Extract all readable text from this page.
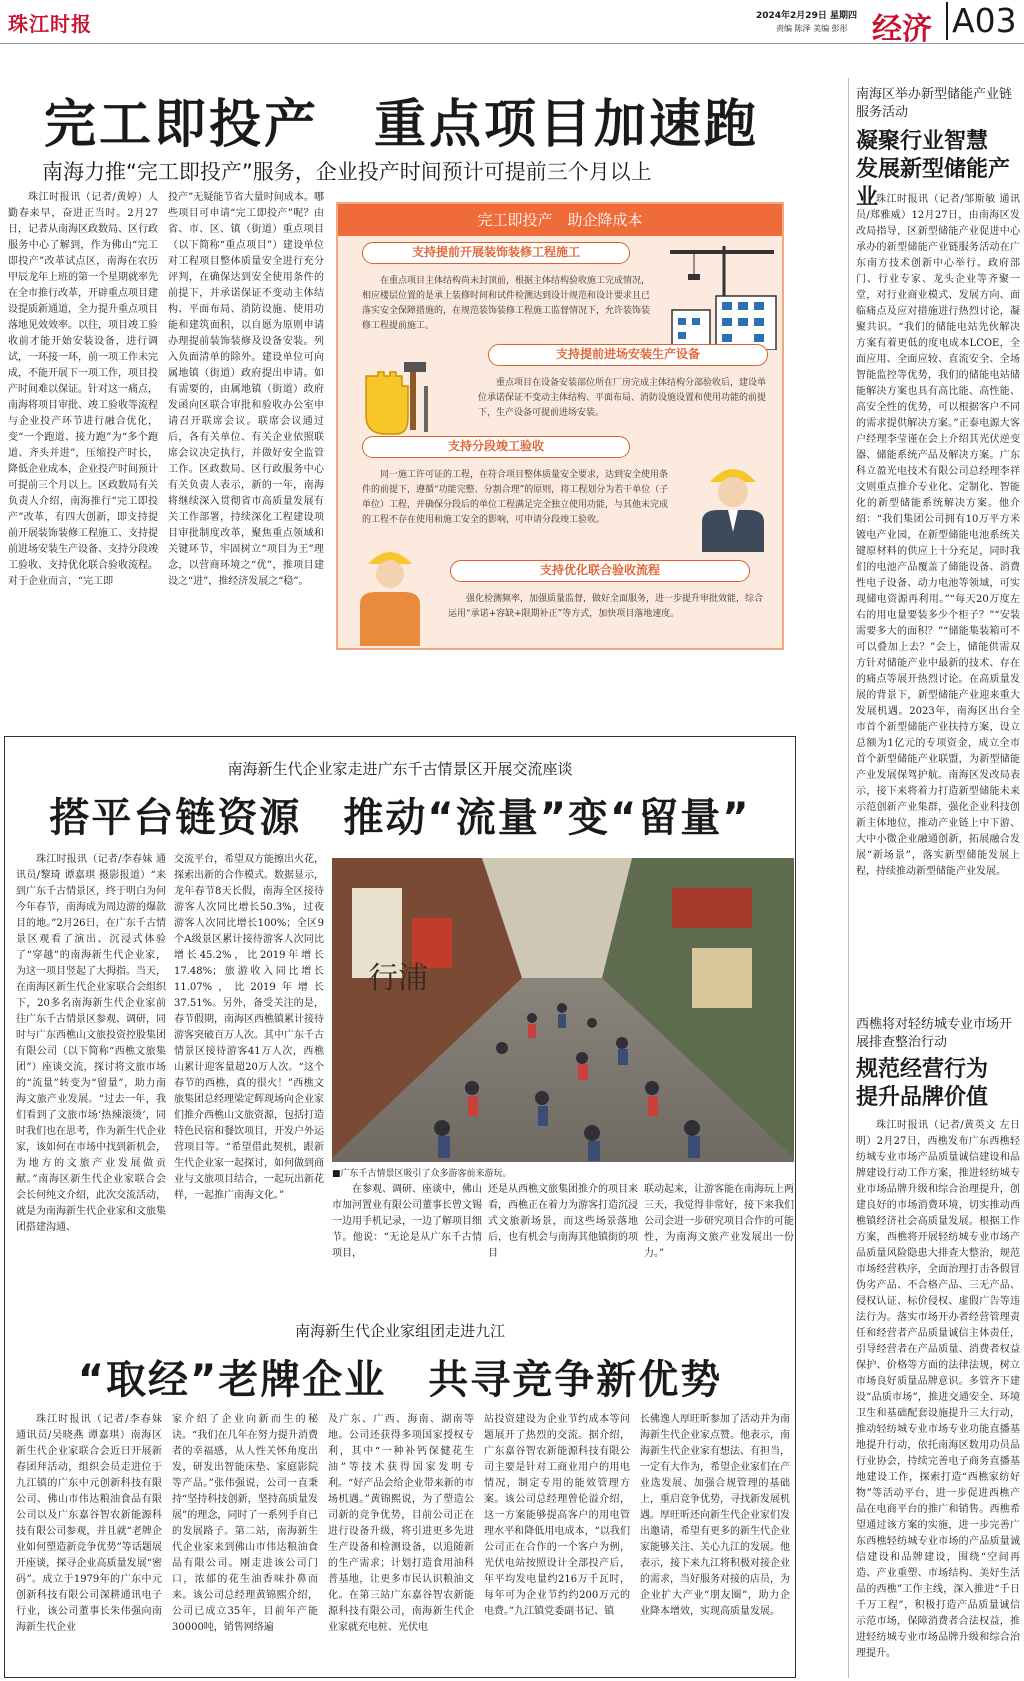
珠江时报	2024年2月29日 星期四
责编 陈泽 美编 彭彤 经济 A03
完工即投产　重点项目加速跑
南海力推“完工即投产”服务，企业投产时间预计可提前三个月以上

珠江时报讯（记者/黄婷）人勤春来早，奋进正当时。2月27日，记者从南海区政数局、区行政服务中心了解到，作为佛山“完工即投产”改革试点区，南海在农历甲辰龙年上班的第一个星期就率先在全市推行改革，开辟重点项目建设提质新通道，全力提升重点项目落地见效效率。以往，项目竣工验收前才能开始安装设备，进行调试，一环接一环，前一项工作未完成，不能开展下一项工作，项目投产时间难以保证。针对这一痛点，南海将项目审批、竣工验收等流程与企业投产环节进行融合优化，变“一个跑道、接力跑”为“多个跑道、齐头并进”，压缩投产时长，降低企业成本，企业投产时间预计可提前三个月以上。区政数局有关负责人介绍，南海推行“完工即投产”改革，有四大创新，即支持提前开展装饰装修工程施工、支持提前进场安装生产设备、支持分段竣工验收、支持优化联合验收流程。对于企业而言，“完工即

投产”无疑能节省大量时间成本。哪些项目可申请“完工即投产”呢？由省、市、区、镇（街道）重点项目（以下简称“重点项目”）建设单位对工程项目整体质量安全进行充分评判，在确保达到安全使用条件的前提下，并承诺保证不变动主体结构、平面布局、消防设施、使用功能和建筑面积，以自愿为原则申请办理提前装饰装修及设备安装。列入负面清单的除外。建设单位可向属地镇（街道）政府提出申请。如有需要的，由属地镇（街道）政府发函向区联合审批和验收办公室申请召开联席会议。联席会议通过后，各有关单位、有关企业依照联席会议决定执行，并做好安全监管工作。区政数局、区行政服务中心有关负责人表示，新的一年，南海将继续深入贯彻省市高质量发展有关工作部署，持续深化工程建设项目审批制度改革，聚焦重点领域和关键环节，牢固树立“项目为王”理念，以营商环境之“优”，推项目建设之“进”，推经济发展之“稳”。

完工即投产　助企降成本
支持提前开展装饰装修工程施工
在重点项目主体结构尚未封顶前，根据主体结构验收施工完成情况，相应楼层位置的是承上装修时间和试件检测达到设计规范和设计要求且已落实安全保障措施的，在规范装饰装修工程施工监督情况下，允许装饰装修工程提前施工。
支持提前进场安装生产设备
重点项目在设备安装部位所在厂房完成主体结构分部验收后，建设单位承诺保证不变动主体结构、平面布局、消防设施设置和使用功能的前提下，生产设备可提前进场安装。
支持分段竣工验收
同一施工许可证的工程，在符合项目整体质量安全要求，达到安全使用条件的前提下，遵循“功能完整、分割合理”的原则，将工程划分为若干单位（子单位）工程，并确保分段后的单位工程满足完全独立使用功能，与其他未完成的工程不存在使用和施工安全的影响，可申请分段竣工验收。
支持优化联合验收流程
强化检测频率，加强质量监督，做好全面服务，进一步提升审批效能，综合运用“承诺+容缺+限期补正”等方式，加快项目落地速度。
南海新生代企业家走进广东千古情景区开展交流座谈
搭平台链资源　推动“流量”变“留量”

珠江时报讯（记者/李春妹 通讯员/黎琦 谭嘉琪 摄影报道）“来到广东千古情景区，终于明白为何今年春节，南海成为周边游的爆款目的地。”2月26日，在广东千古情景区观看了演出、沉浸式体验了“穿越”的南海新生代企业家，为这一项目竖起了大拇指。当天，在南海区新生代企业家联合会组织下，20多名南海新生代企业家前往广东千古情景区参观、调研，同时与广东西樵山文旅投资控股集团有限公司（以下简称“西樵文旅集团”）座谈交流，探讨将文旅市场的“流量”转变为“留量”，助力南海文旅产业发展。“过去一年，我们看到了文旅市场‘热辣滚烫’，同时我们也在思考，作为新生代企业家，该如何在市场中找到新机会，为地方的文旅产业发展做贡献。”南海区新生代企业家联合会会长何纯文介绍，此次交流活动，就是为南海新生代企业家和文旅集团搭建沟通、

交流平台，希望双方能擦出火花，探索出新的合作模式。数据显示，龙年春节8天长假，南海全区接待游客人次同比增长50.3%，过夜游客人次同比增长100%；全区9个A级景区累计接待游客人次同比增长45.2%，比2019年增长17.48%；旅游收入同比增长11.07%，比2019年增长37.51%。另外，备受关注的是，春节假期，南海区西樵镇累计接待游客突破百万人次。其中广东千古情景区接待游客41万人次，西樵山累计迎客量超20万人次。“这个春节的西樵，真的很火！”西樵文旅集团总经理梁定辉现场向企业家们推介西樵山文旅资源，包括打造特色民宿和餐饮项目，开发户外运营项目等。“希望借此契机，跟新生代企业家一起探讨，如何做到商业与文旅项目结合，一起玩出新花样，一起推广南海文化。”

行浦
■广东千古情景区吸引了众多游客前来游玩。

在参观、调研、座谈中，佛山市加河置业有限公司董事长曾文锡一边用手机记录，一边了解项目细节。他说：“无论是从广东千古情项目，

还是从西樵文旅集团推介的项目来看，西樵正在着力为游客打造沉浸式文旅新场景，而这些场景落地后，也有机会与南海其他镇街的项目

联动起来，让游客能在南海玩上两三天，我觉得非常好，接下来我们公司会进一步研究项目合作的可能性，为南海文旅产业发展出一份力。”

南海新生代企业家组团走进九江
“取经”老牌企业　共寻竞争新优势

珠江时报讯（记者/李春妹 通讯员/吴晓燕 谭嘉琪）南海区新生代企业家联合会近日开展新春团拜活动，组织会员走进位于九江镇的广东中元创新科技有限公司、佛山市伟达粮油食品有限公司以及广东嘉谷智农新能源科技有限公司参观，并且就“老牌企业如何塑造新竞争优势”等话题展开座谈，探寻企业高质量发展“密码”。成立于1979年的广东中元创新科技有限公司深耕通讯电子行业，该公司董事长朱伟强向南海新生代企业

家介绍了企业向新而生的秘诀。“我们在几年在努力提升消费者的幸福感，从人性关怀角度出发，研发出智能床垫、家庭影院等产品。”张伟强说，公司一直秉持“坚持科技创新，坚持高质量发展”的理念，同时了一系列手自已的发展路子。第二站，南海新生代企业家来到佛山市伟达粮油食品有限公司。刚走进该公司门口，浓郁的花生油香味扑鼻而来。该公司总经理黄锦熙介绍，公司已成立35年，目前年产能30000吨，销售网络遍

及广东、广西、海南、湖南等地。公司还获得多项国家授权专利，其中“一种补钙保健花生油”等技术获得国家发明专利。“好产品会给企业带来新的市场机遇。”黄锦熙说，为了塑造公司新的竞争优势，目前公司正在进行设备升级，将引进更多先进生产设备和检测设备，以追随新的生产需求；计划打造食用油科普基地，让更多市民认识粮油文化。在第三站广东嘉谷智农新能源科技有限公司，南海新生代企业家就充电桩、光伏电

站投资建设为企业节约成本等问题展开了热烈的交流。据介绍，广东嘉谷智农新能源科技有限公司主要是针对工商业用户的用电情况，制定专用的能效管理方案。该公司总经理曾伦溢介绍，这一方案能够提高客户的用电管理水平和降低用电成本，“以我们公司正在合作的一个客户为例，光伏电站按照设计全部投产后，年平均发电量约216万千瓦时，每年可为企业节约约200万元的电费。”九江镇党委副书记、镇

长佛逸人厚旺昕参加了活动并为南海新生代企业家点赞。他表示，南海新生代企业家有想法、有担当，一定有大作为，希望企业家们在产业选发展、加强合规管理的基础上，重启竞争优势，寻找新发展机遇。厚旺昕还向新生代企业家们发出邀请，希望有更多的新生代企业家能够关注、关心九江的发展。他表示，接下来九江将积极对接企业的需求，当好服务对接的店员，为企业扩大产业“朋友圈”，助力企业降本增效，实现高质量发展。

南海区举办新型储能产业链服务活动
凝聚行业智慧
发展新型储能产业

珠江时报讯（记者/邹斯敏 通讯员/郑雅威）12月27日，由南海区发改局指导，区新型储能产业促进中心承办的新型储能产业链服务活动在广东南方技术创新中心举行。政府部门、行业专家、龙头企业等齐聚一堂，对行业商业模式、发展方向、面临痛点及应对措施进行热烈讨论，凝聚共识。“我们的储能电站先伙解决方案有着更低的度电成本LCOE，全面应用、全面应较、直流安全、全场智能监控等优势，我们的储能电站储能解决方案也具有高比能、高性能、高安全性的优势，可以根据客户不同的需求提供解决方案。”正泰电源大客户经理李莹谨在会上介绍其光伏逆变器、储能系统产品及解决方案。广东科立盈光电技术有限公司总经理李祥文则重点推介专业化、定制化、智能化的新型储能系统解决方案。他介绍：“我们集团公司拥有10万平方米镀电产业园，在新型储能电池系统关键原材料的供应上十分充足，同时我们的电池产品覆盖了储能设备、消费性电子设备、动力电池等领域，可实现储电资源再利用。”“每天20万度左右的用电量要装多少个柜子？”“安装需要多大的面积？”“储能集装箱可不可以叠加上去？”会上，储能供需双方针对储能产业中最新的技术、存在的痛点等展开热烈讨论。在高质量发展的背景下，新型储能产业迎来重大发展机遇。2023年，南海区出台全市首个新型储能产业扶持方案，设立总额为1亿元的专项资金，成立全市首个新型储能产业联盟，为新型储能产业发展保驾护航。南海区发改局表示，接下来将着力打造新型储能未来示范创新产业集群，强化企业科技创新主体地位，推动产业链上中下游、大中小微企业融通创新，拓展融合发展“新场景”，落实新型储能发展上程，持续推动新型储能产业发展。

西樵将对轻纺城专业市场开展排查整治行动
规范经营行为
提升品牌价值

珠江时报讯（记者/黄英文 左日明）2月27日，西樵发布广东西樵轻纺城专业市场产品质量诚信建设和品牌建设行动工作方案，推进轻纺城专业市场品牌升级和综合治理提升，创建良好的市场消费环境，切实推动西樵镇经济社会高质量发展。根据工作方案，西樵将开展轻纺城专业市场产品质量风险隐患大排查大整治，规范市场经营秩序，全面治理打击各假冒伪劣产品、不合格产品、三无产品、侵权认证、标价侵权、虚假广告等违法行为。落实市场开办者经营管理责任和经营者产品质量诚信主体责任，引导经营者在产品质量、消费者权益保护、价格等方面的法律法规，树立市场良好质量品牌意识。多管齐下建设“品质市场”，推进交通安全、环境卫生和基础配套设施提升三大行动，推动轻纺城专业市场专业功能直播基地提升行动，依托南海区数用功员品行业协会，持续完善电子商务直播基地建设工作，探索打造“西樵家纺好物”等活动平台，进一步促进西樵产品在电商平台的推广和销售。西樵希望通过该方案的实施，进一步完善广东西樵轻纺城专业市场的产品质量诚信建设和品牌建设，围绕“空间再造、产业重塑、市场结构、美好生活品的西樵”工作主线，深入推进“千日千万工程”，积极打造产品质量诚信示范市场，保障消费者合法权益，推进轻纺城专业市场品牌升级和综合治理提升。
